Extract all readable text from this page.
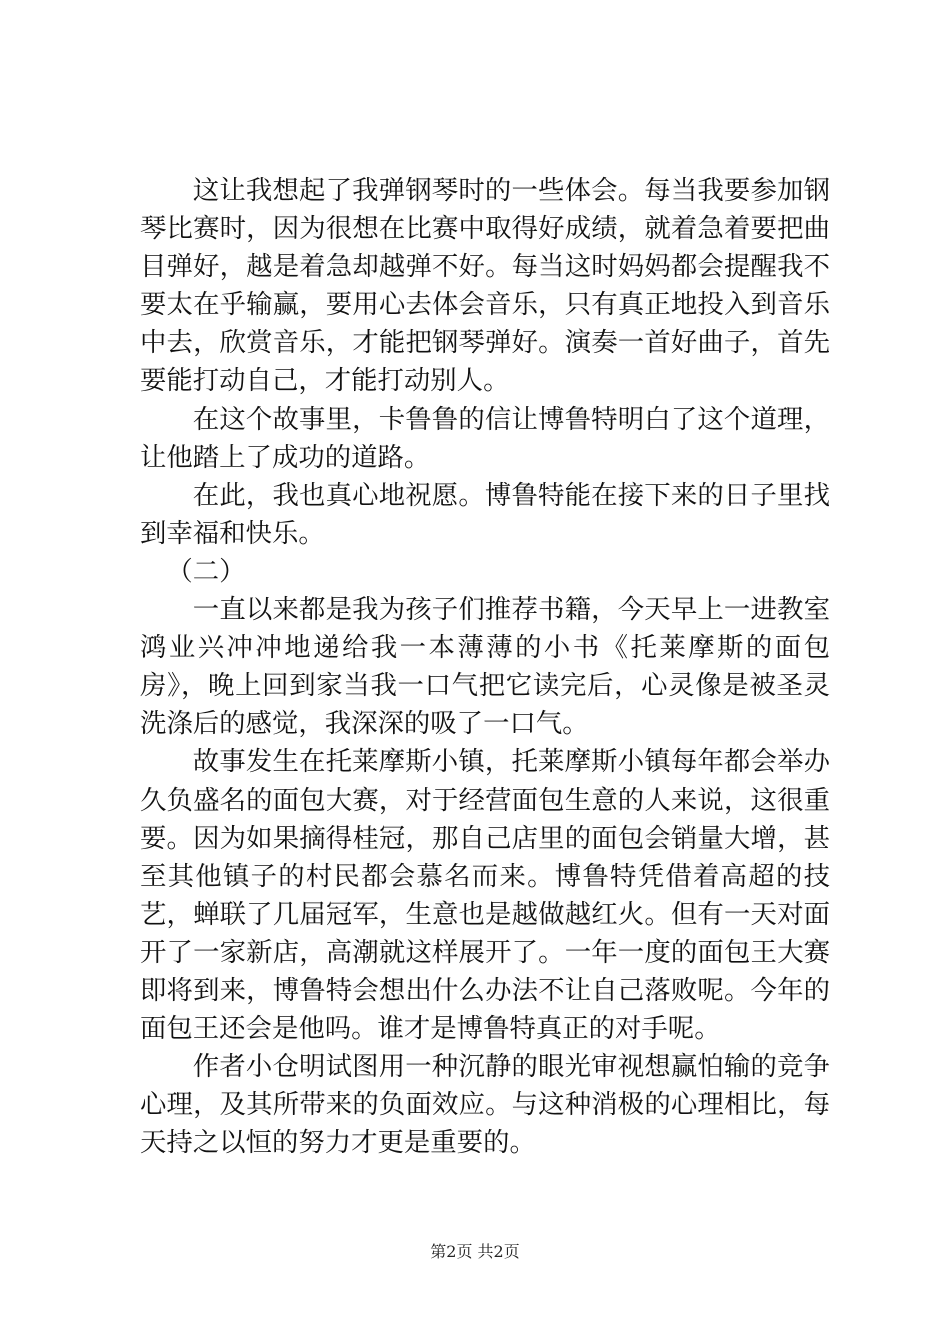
这让我想起了我弹钢琴时的一些体会。每当我要参加钢琴比赛时，因为很想在比赛中取得好成绩，就着急着要把曲目弹好，越是着急却越弹不好。每当这时妈妈都会提醒我不要太在乎输赢，要用心去体会音乐，只有真正地投入到音乐中去，欣赏音乐，才能把钢琴弹好。演奏一首好曲子，首先要能打动自己，才能打动别人。

在这个故事里，卡鲁鲁的信让博鲁特明白了这个道理，让他踏上了成功的道路。

在此，我也真心地祝愿。博鲁特能在接下来的日子里找到幸福和快乐。

（二）

一直以来都是我为孩子们推荐书籍，今天早上一进教室鸿业兴冲冲地递给我一本薄薄的小书《托莱摩斯的面包房》，晚上回到家当我一口气把它读完后，心灵像是被圣灵洗涤后的感觉，我深深的吸了一口气。

故事发生在托莱摩斯小镇，托莱摩斯小镇每年都会举办久负盛名的面包大赛，对于经营面包生意的人来说，这很重要。因为如果摘得桂冠，那自己店里的面包会销量大增，甚至其他镇子的村民都会慕名而来。博鲁特凭借着高超的技艺，蝉联了几届冠军，生意也是越做越红火。但有一天对面开了一家新店，高潮就这样展开了。一年一度的面包王大赛即将到来，博鲁特会想出什么办法不让自己落败呢。今年的面包王还会是他吗。谁才是博鲁特真正的对手呢。

作者小仓明试图用一种沉静的眼光审视想赢怕输的竞争心理，及其所带来的负面效应。与这种消极的心理相比，每天持之以恒的努力才更是重要的。

第2页 共2页
